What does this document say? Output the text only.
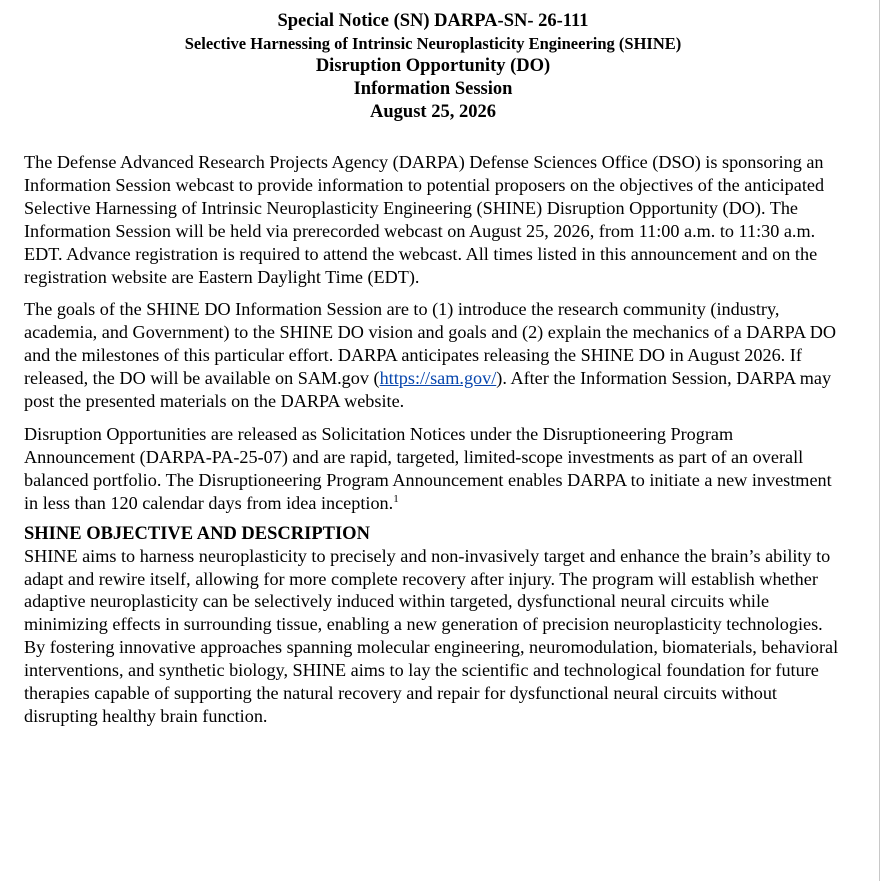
Special Notice (SN) DARPA-SN- 26-111
Selective Harnessing of Intrinsic Neuroplasticity Engineering (SHINE)
Disruption Opportunity (DO)
Information Session
August 25, 2026

The Defense Advanced Research Projects Agency (DARPA) Defense Sciences Office (DSO) is sponsoring an Information Session webcast to provide information to potential proposers on the objectives of the anticipated Selective Harnessing of Intrinsic Neuroplasticity Engineering (SHINE) Disruption Opportunity (DO). The Information Session will be held via prerecorded webcast on August 25, 2026, from 11:00 a.m. to 11:30 a.m. EDT. Advance registration is required to attend the webcast. All times listed in this announcement and on the registration website are Eastern Daylight Time (EDT).

The goals of the SHINE DO Information Session are to (1) introduce the research community (industry, academia, and Government) to the SHINE DO vision and goals and (2) explain the mechanics of a DARPA DO and the milestones of this particular effort. DARPA anticipates releasing the SHINE DO in August 2026. If released, the DO will be available on SAM.gov (https://sam.gov/). After the Information Session, DARPA may post the presented materials on the DARPA website.

Disruption Opportunities are released as Solicitation Notices under the Disruptioneering Program Announcement (DARPA-PA-25-07) and are rapid, targeted, limited-scope investments as part of an overall balanced portfolio. The Disruptioneering Program Announcement enables DARPA to initiate a new investment in less than 120 calendar days from idea inception.$^1$

SHINE OBJECTIVE AND DESCRIPTION

SHINE aims to harness neuroplasticity to precisely and non-invasively target and enhance the brain’s ability to adapt and rewire itself, allowing for more complete recovery after injury. The program will establish whether adaptive neuroplasticity can be selectively induced within targeted, dysfunctional neural circuits while minimizing effects in surrounding tissue, enabling a new generation of precision neuroplasticity technologies. By fostering innovative approaches spanning molecular engineering, neuromodulation, biomaterials, behavioral interventions, and synthetic biology, SHINE aims to lay the scientific and technological foundation for future therapies capable of supporting the natural recovery and repair for dysfunctional neural circuits without disrupting healthy brain function.
